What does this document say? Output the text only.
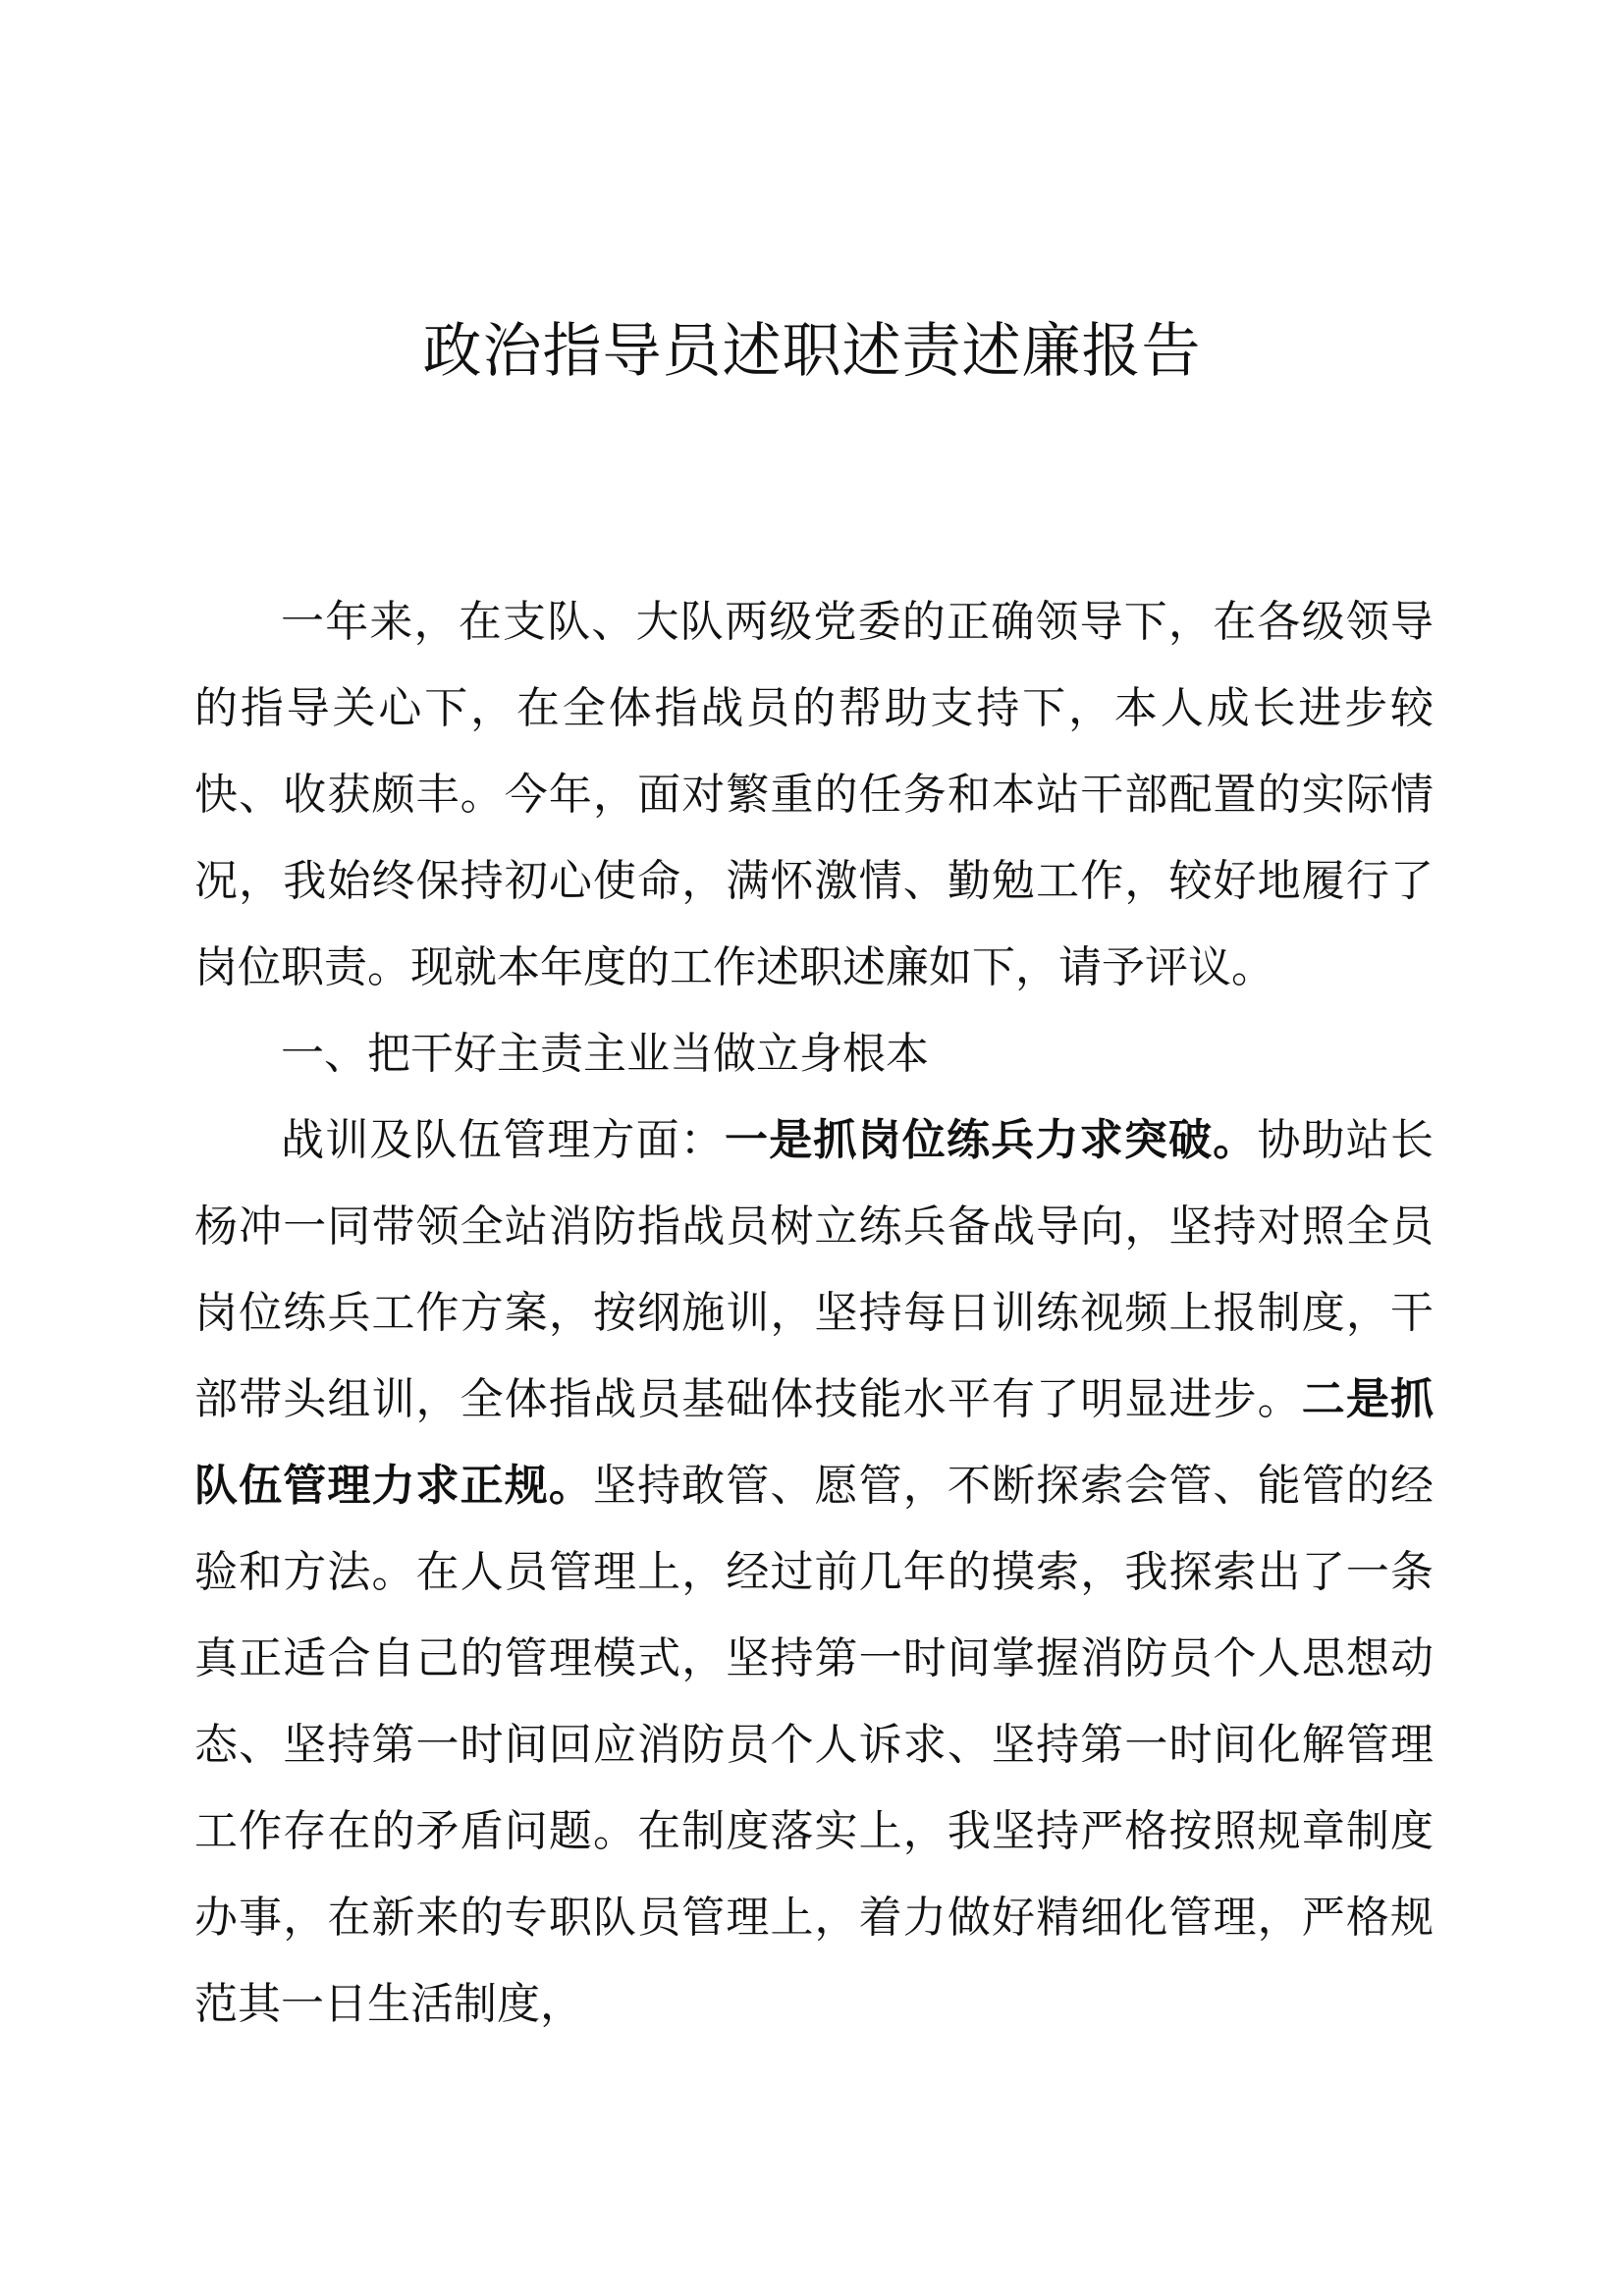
政治指导员述职述责述廉报告

一年来，在支队、大队两级党委的正确领导下，在各级领导的指导关心下，在全体指战员的帮助支持下，本人成长进步较快、收获颇丰。今年，面对繁重的任务和本站干部配置的实际情况，我始终保持初心使命，满怀激情、勤勉工作，较好地履行了岗位职责。现就本年度的工作述职述廉如下，请予评议。

一、把干好主责主业当做立身根本

战训及队伍管理方面：一是抓岗位练兵力求突破。协助站长杨冲一同带领全站消防指战员树立练兵备战导向，坚持对照全员岗位练兵工作方案，按纲施训，坚持每日训练视频上报制度，干部带头组训，全体指战员基础体技能水平有了明显进步。二是抓队伍管理力求正规。坚持敢管、愿管，不断探索会管、能管的经验和方法。在人员管理上，经过前几年的摸索，我探索出了一条真正适合自己的管理模式，坚持第一时间掌握消防员个人思想动态、坚持第一时间回应消防员个人诉求、坚持第一时间化解管理工作存在的矛盾问题。在制度落实上，我坚持严格按照规章制度办事，在新来的专职队员管理上，着力做好精细化管理，严格规范其一日生活制度，
